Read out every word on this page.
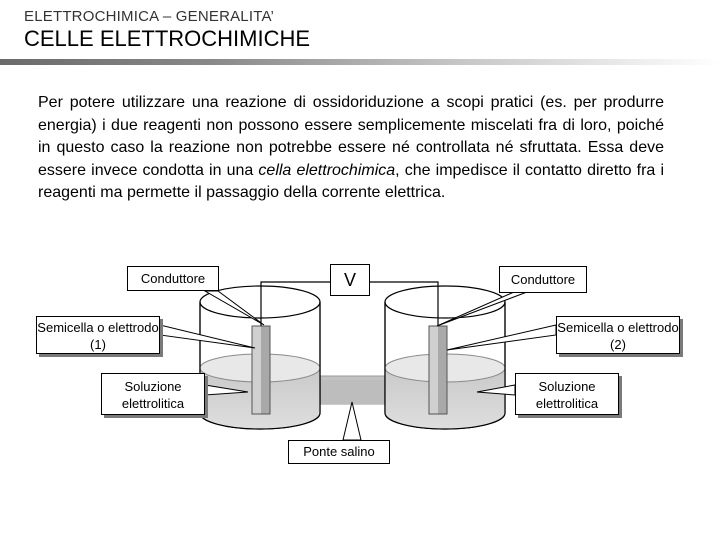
ELETTROCHIMICA – GENERALITA’
CELLE ELETTROCHIMICHE
Per potere utilizzare una reazione di ossidoriduzione a scopi pratici (es. per produrre energia) i due reagenti non possono essere semplicemente miscelati fra di loro, poiché in questo caso la reazione non potrebbe essere né controllata né sfruttata. Essa deve essere invece condotta in una cella elettrochimica, che impedisce il contatto diretto fra i reagenti ma permette il passaggio della corrente elettrica.
V
Conduttore	Conduttore
Semicella o elettrodo (1)
Semicella o elettrodo (2)
Soluzione elettrolitica
Soluzione elettrolitica
Ponte salino
